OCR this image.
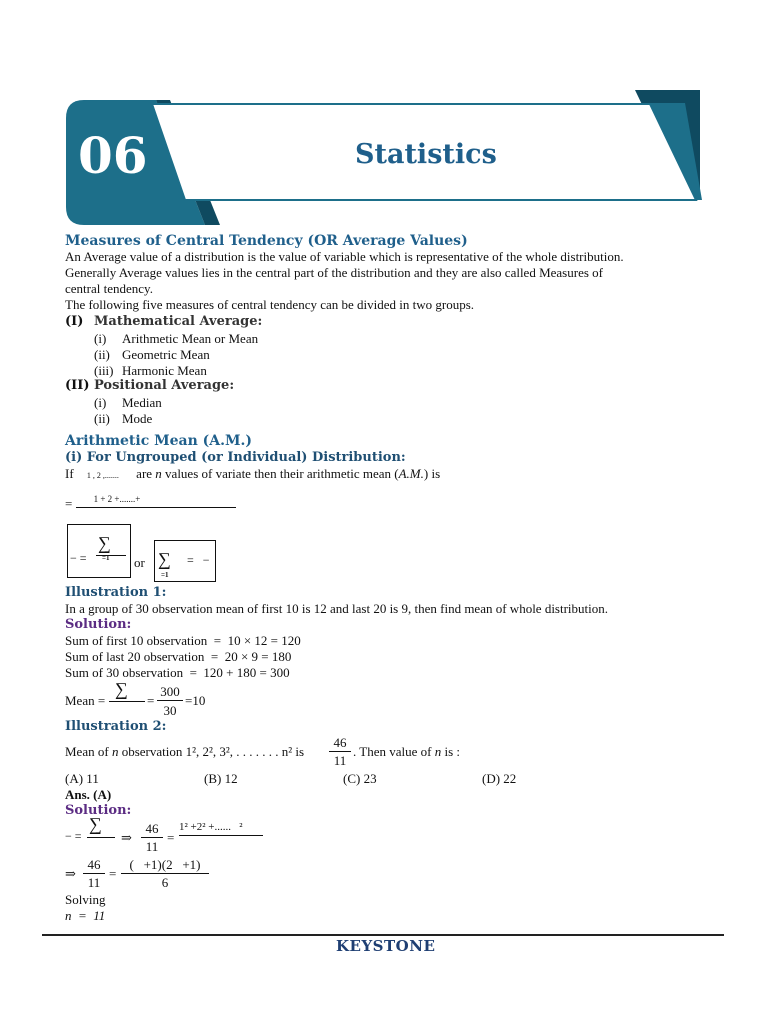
06	Statistics
Measures of Central Tendency (OR Average Values)
An Average value of a distribution is the value of variable which is representative of the whole distribution.
Generally Average values lies in the central part of the distribution and they are also called Measures of
central tendency.
The following five measures of central tendency can be divided in two groups.
(I) Mathematical Average:
(i) Arithmetic Mean or Mean
(ii) Geometric Mean
(iii) Harmonic Mean
(II) Positional Average:
(i) Median
(ii) Mode
Arithmetic Mean (A.M.)
(i) For Ungrouped (or Individual) Distribution:
If 1 , 2 ,....... are n values of variate then their arithmetic mean (A.M.) is
= 1 + 2 +.......+
− =
∑
=1 or ∑
=1
=   −
Illustration 1:
In a group of 30 observation mean of first 10 is 12 and last 20 is 9, then find mean of whole distribution.
Solution:
Sum of first 10 observation  =  10 × 12 = 120
Sum of last 20 observation  =  20 × 9 = 180
Sum of 30 observation  =  120 + 180 = 300
Mean =
∑
=
300
30
=10
Illustration 2:
Mean of n observation 1², 2², 3², . . . . . . . n² is
46
11
. Then value of n is :
(A) 11	(B) 12	(C) 23	(D) 22
Ans. (A)
Solution:
− =
∑
⇒
46
11
=
1² +2² +......   ²
⇒
46
11
=
(   +1)(2   +1)
6
Solving
n  =  11
KEYSTONE
